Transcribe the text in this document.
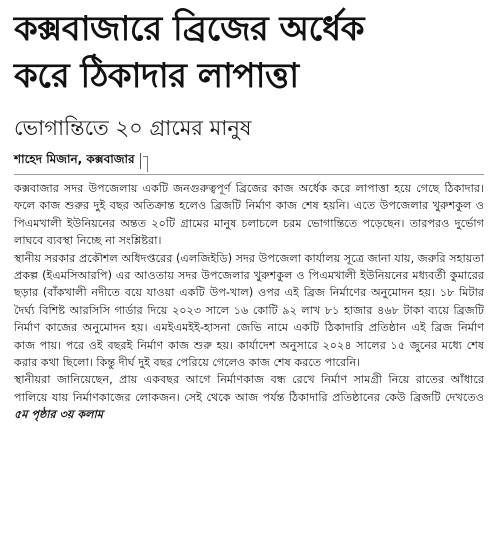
কক্সবাজারে ব্রিজের অর্ধেক
করে ঠিকাদার লাপাত্তা
ভোগান্তিতে ২০ গ্রামের মানুষ
শাহেদ মিজান, কক্সবাজার

কক্সবাজার সদর উপজেলায় একটি জনগুরুত্বপূর্ণ ব্রিজের কাজ অর্ধেক করে লাপাত্তা হয়ে গেছে ঠিকাদার। ফলে কাজ শুরুর দুই বছর অতিক্রান্ত হলেও ব্রিজটি নির্মাণ কাজ শেষ হয়নি। এতে উপজেলার খুরুশকুল ও পিএমখালী ইউনিয়নের অন্তত ২০টি গ্রামের মানুষ চলাচলে চরম ভোগান্তিতে পড়েছেন। তারপরও দুর্ভোগ লাঘবে ব্যবস্থা নিচ্ছে না সংশ্লিষ্টরা।

স্থানীয় সরকার প্রকৌশল অধিদপ্তরের (এলজিইডি) সদর উপজেলা কার্যালয় সূত্রে জানা যায়, জরুরি সহায়তা প্রকল্প (ইএমসিআরপি) এর আওতায় সদর উপজেলার খুরুশকুল ও পিএমখালী ইউনিয়নের মধ্যবর্তী কুমারের ছড়ার (বাঁকখালী নদীতে বয়ে যাওয়া একটি উপ-খাল) ওপর এই ব্রিজ নির্মাণের অনুমোদন হয়। ১৮ মিটার দৈর্ঘ্য বিশিষ্ট আরসিসি গার্ডার দিয়ে ২০২৩ সালে ১৬ কোটি ৯২ লাখ ৮১ হাজার ৪৬৮ টাকা ব্যয়ে ব্রিজটি নির্মাণ কাজের অনুমোদন হয়। এমইএমইই-হাসনা জেভি নামে একটি ঠিকাদারি প্রতিষ্ঠান এই ব্রিজ নির্মাণ কাজ পায়। পরে ওই বছরই নির্মাণ কাজ শুরু হয়। কার্যাদেশ অনুসারে ২০২৪ সালের ১৫ জুনের মধ্যে শেষ করার কথা ছিলো। কিন্তু দীর্ঘ দুই বছর পেরিয়ে গেলেও কাজ শেষ করতে পারেনি।

স্থানীয়রা জানিয়েছেন, প্রায় একবছর আগে নির্মাণকাজ বন্ধ রেখে নির্মাণ সামগ্রী নিয়ে রাতের আঁধারে পালিয়ে যায় নির্মাণকাজের লোকজন। সেই থেকে আজ পর্যন্ত ঠিকাদারি প্রতিষ্ঠানের কেউ ব্রিজটি দেখতেও ৫ম পৃষ্ঠার ৩য় কলাম
